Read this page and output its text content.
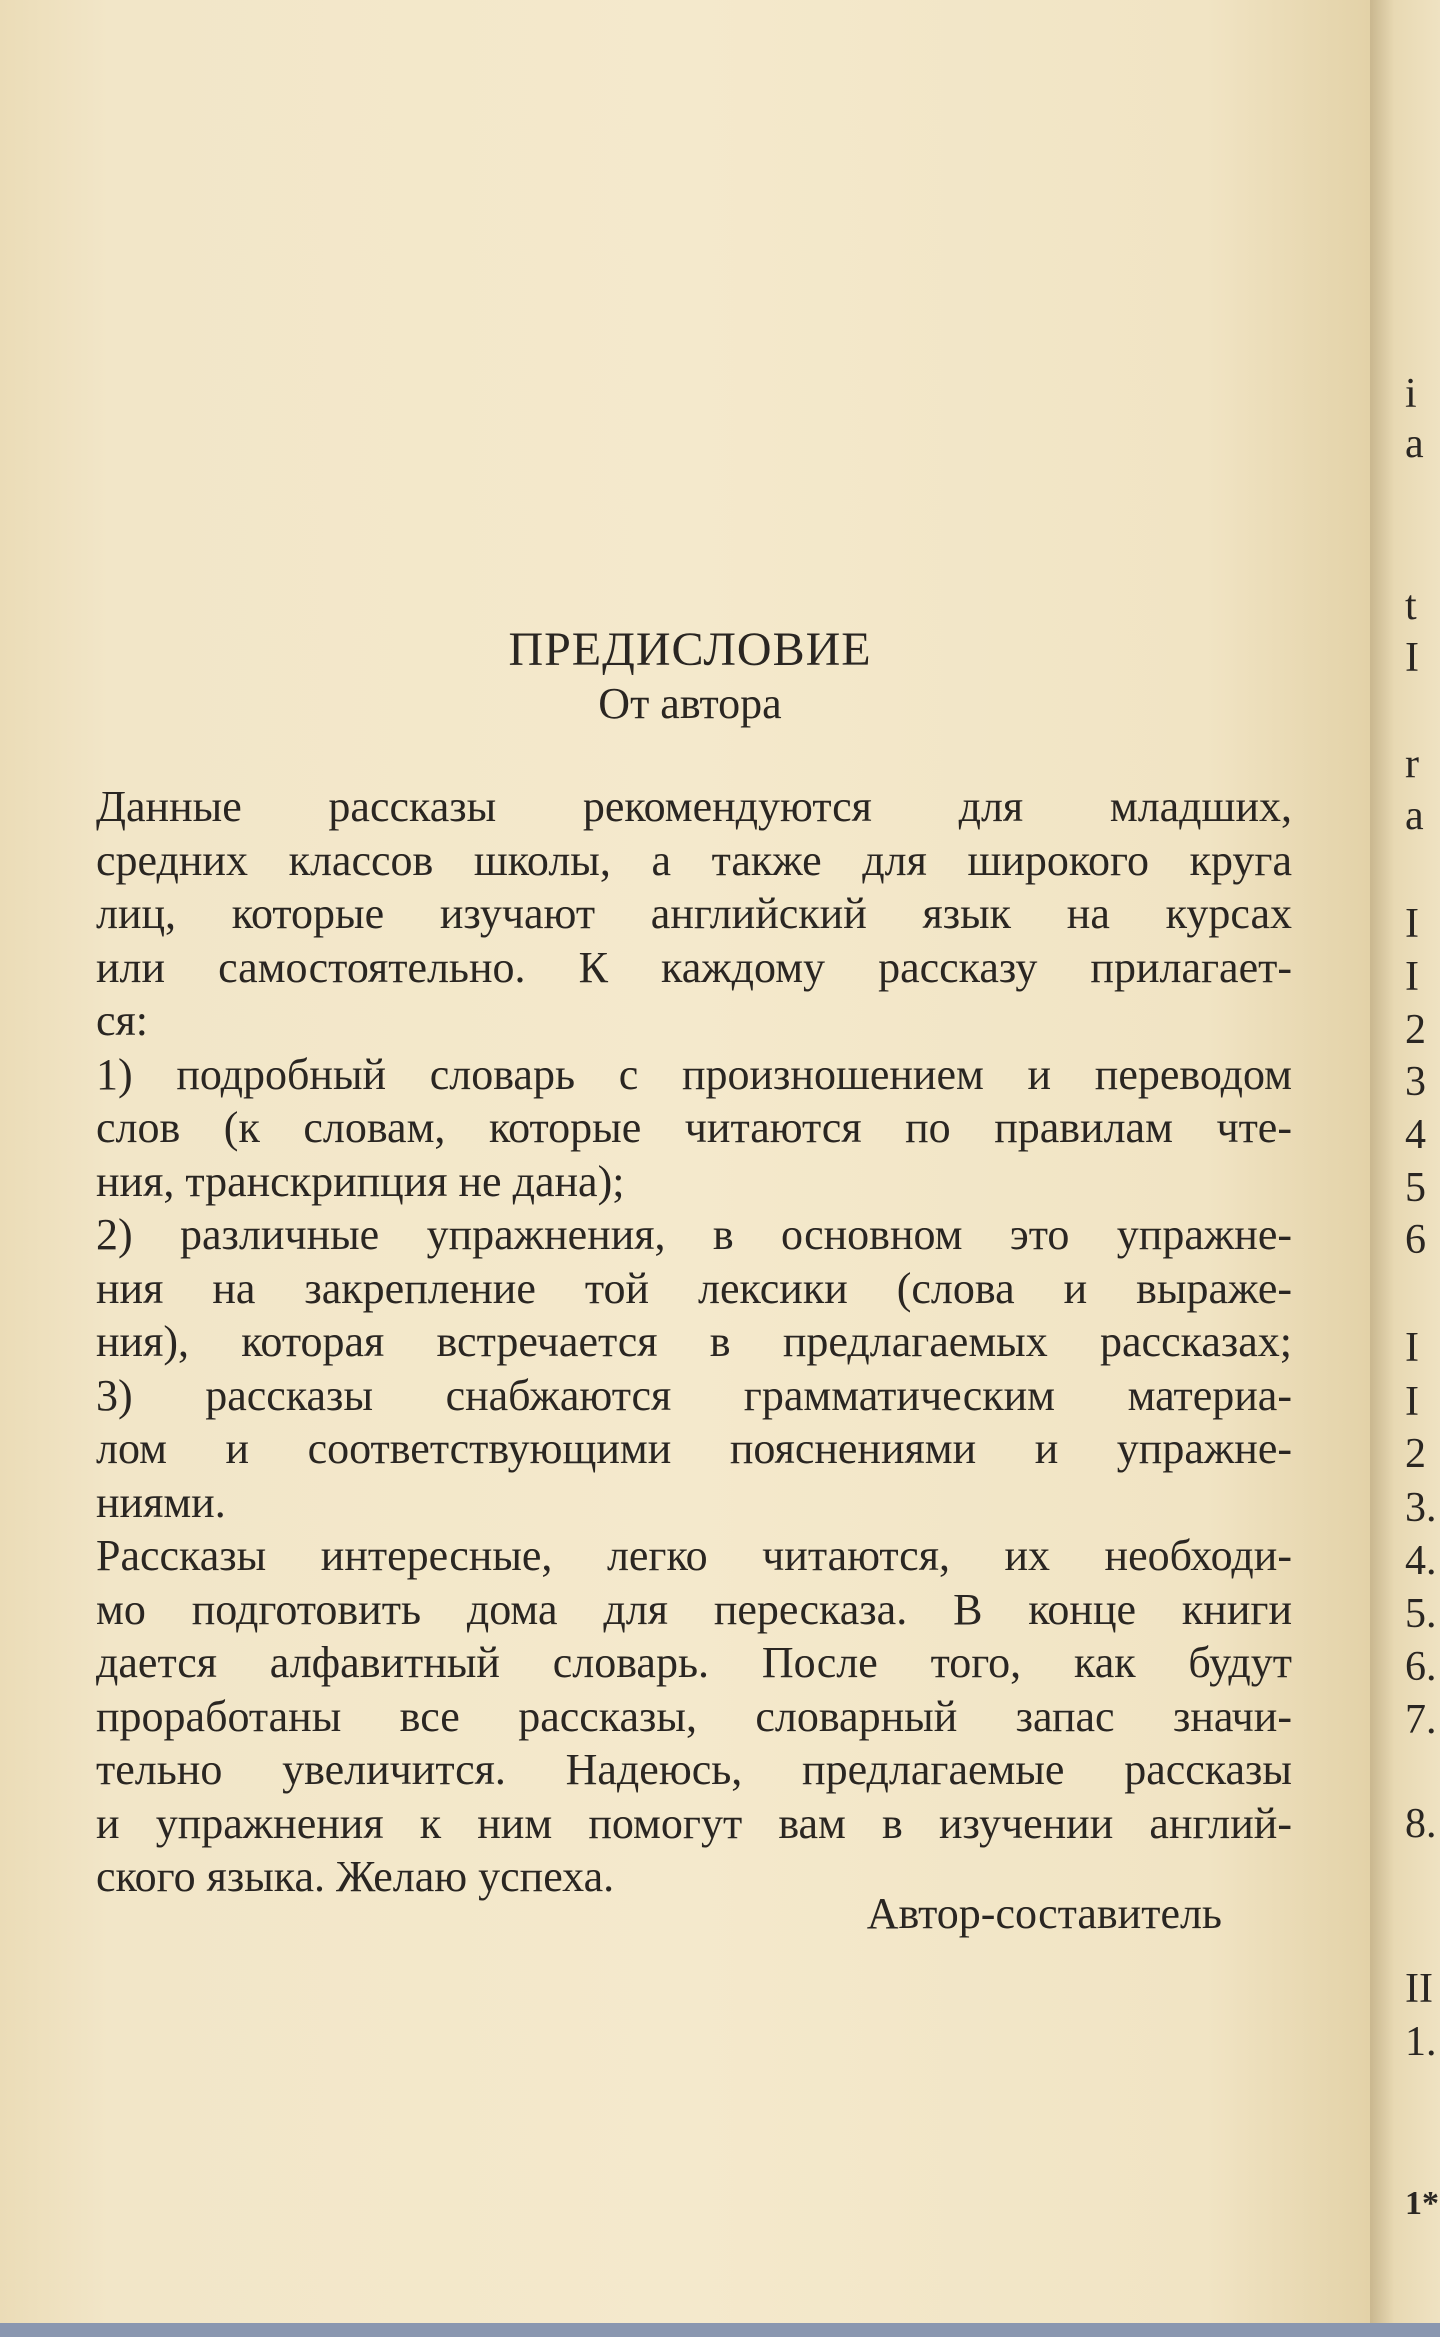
ПРЕДИСЛОВИЕ
От автора
Данные рассказы рекомендуются для младших,
средних классов школы, а также для широкого круга
лиц, которые изучают английский язык на курсах
или самостоятельно. К каждому рассказу прилагает-
ся:
1) подробный словарь с произношением и переводом
слов (к словам, которые читаются по правилам чте-
ния, транскрипция не дана);
2) различные упражнения, в основном это упражне-
ния на закрепление той лексики (слова и выраже-
ния), которая встречается в предлагаемых рассказах;
3) рассказы снабжаются грамматическим материа-
лом и соответствующими пояснениями и упражне-
ниями.
Рассказы интересные, легко читаются, их необходи-
мо подготовить дома для пересказа. В конце книги
дается алфавитный словарь. После того, как будут
проработаны все рассказы, словарный запас значи-
тельно увеличится. Надеюсь, предлагаемые рассказы
и упражнения к ним помогут вам в изучении англий-
ского языка. Желаю успеха.
Автор-составитель
i
a
t
I
r
a
I
I
2
3
4
5
6
I
I
2
3.
4.
5.
6.
7.
8.
II
1.
1*
